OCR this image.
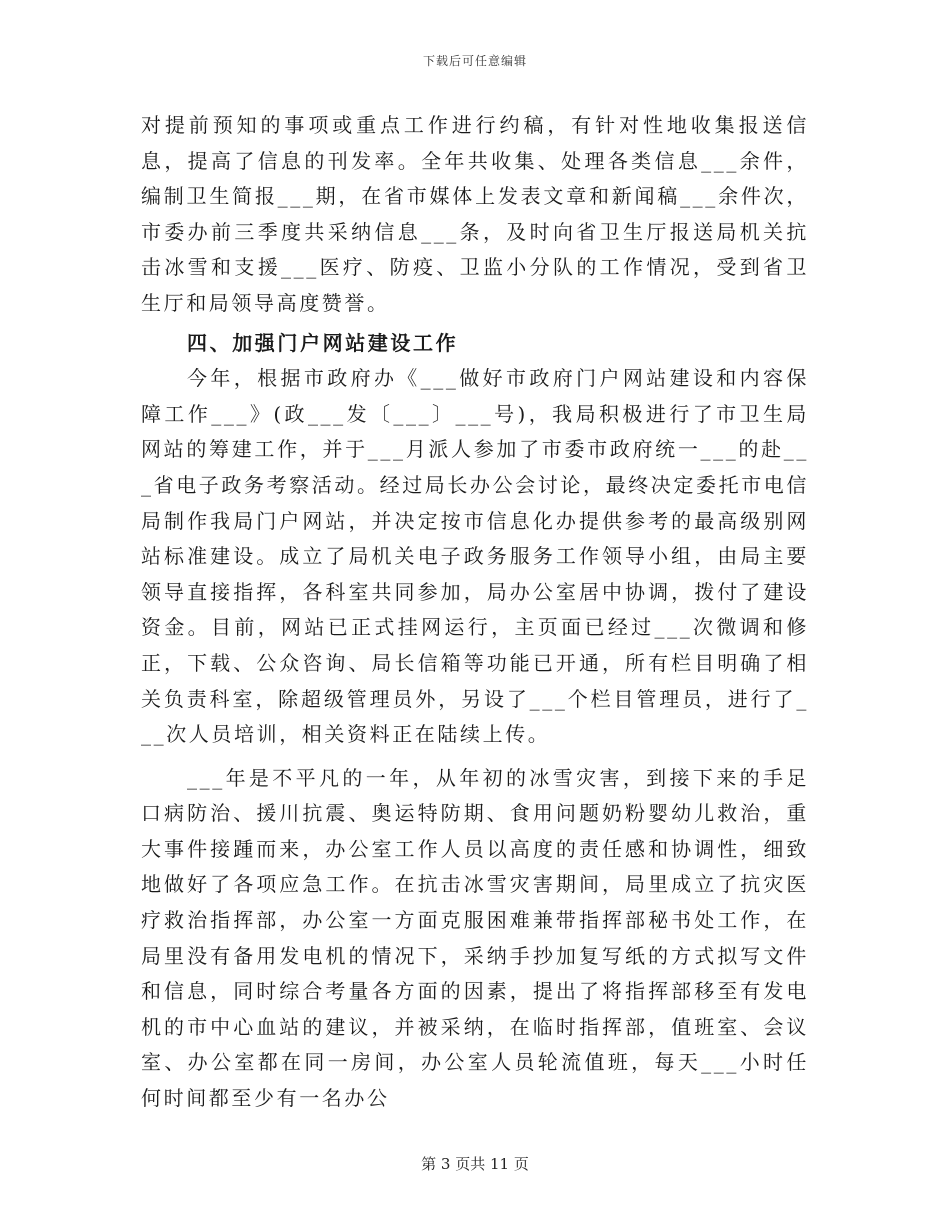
下载后可任意编辑

对提前预知的事项或重点工作进行约稿，有针对性地收集报送信息，提高了信息的刊发率。全年共收集、处理各类信息___余件，编制卫生简报___期，在省市媒体上发表文章和新闻稿___余件次，市委办前三季度共采纳信息___条，及时向省卫生厅报送局机关抗击冰雪和支援___医疗、防疫、卫监小分队的工作情况，受到省卫生厅和局领导高度赞誉。

四、加强门户网站建设工作

今年，根据市政府办《___做好市政府门户网站建设和内容保障工作___》(政___发〔___〕___号)，我局积极进行了市卫生局网站的筹建工作，并于___月派人参加了市委市政府统一___的赴___省电子政务考察活动。经过局长办公会讨论，最终决定委托市电信局制作我局门户网站，并决定按市信息化办提供参考的最高级别网站标准建设。成立了局机关电子政务服务工作领导小组，由局主要领导直接指挥，各科室共同参加，局办公室居中协调，拨付了建设资金。目前，网站已正式挂网运行，主页面已经过___次微调和修正，下载、公众咨询、局长信箱等功能已开通，所有栏目明确了相关负责科室，除超级管理员外，另设了___个栏目管理员，进行了___次人员培训，相关资料正在陆续上传。

___年是不平凡的一年，从年初的冰雪灾害，到接下来的手足口病防治、援川抗震、奥运特防期、食用问题奶粉婴幼儿救治，重大事件接踵而来，办公室工作人员以高度的责任感和协调性，细致地做好了各项应急工作。在抗击冰雪灾害期间，局里成立了抗灾医疗救治指挥部，办公室一方面克服困难兼带指挥部秘书处工作，在局里没有备用发电机的情况下，采纳手抄加复写纸的方式拟写文件和信息，同时综合考量各方面的因素，提出了将指挥部移至有发电机的市中心血站的建议，并被采纳，在临时指挥部，值班室、会议室、办公室都在同一房间，办公室人员轮流值班，每天___小时任何时间都至少有一名办公

第 3 页共 11 页
